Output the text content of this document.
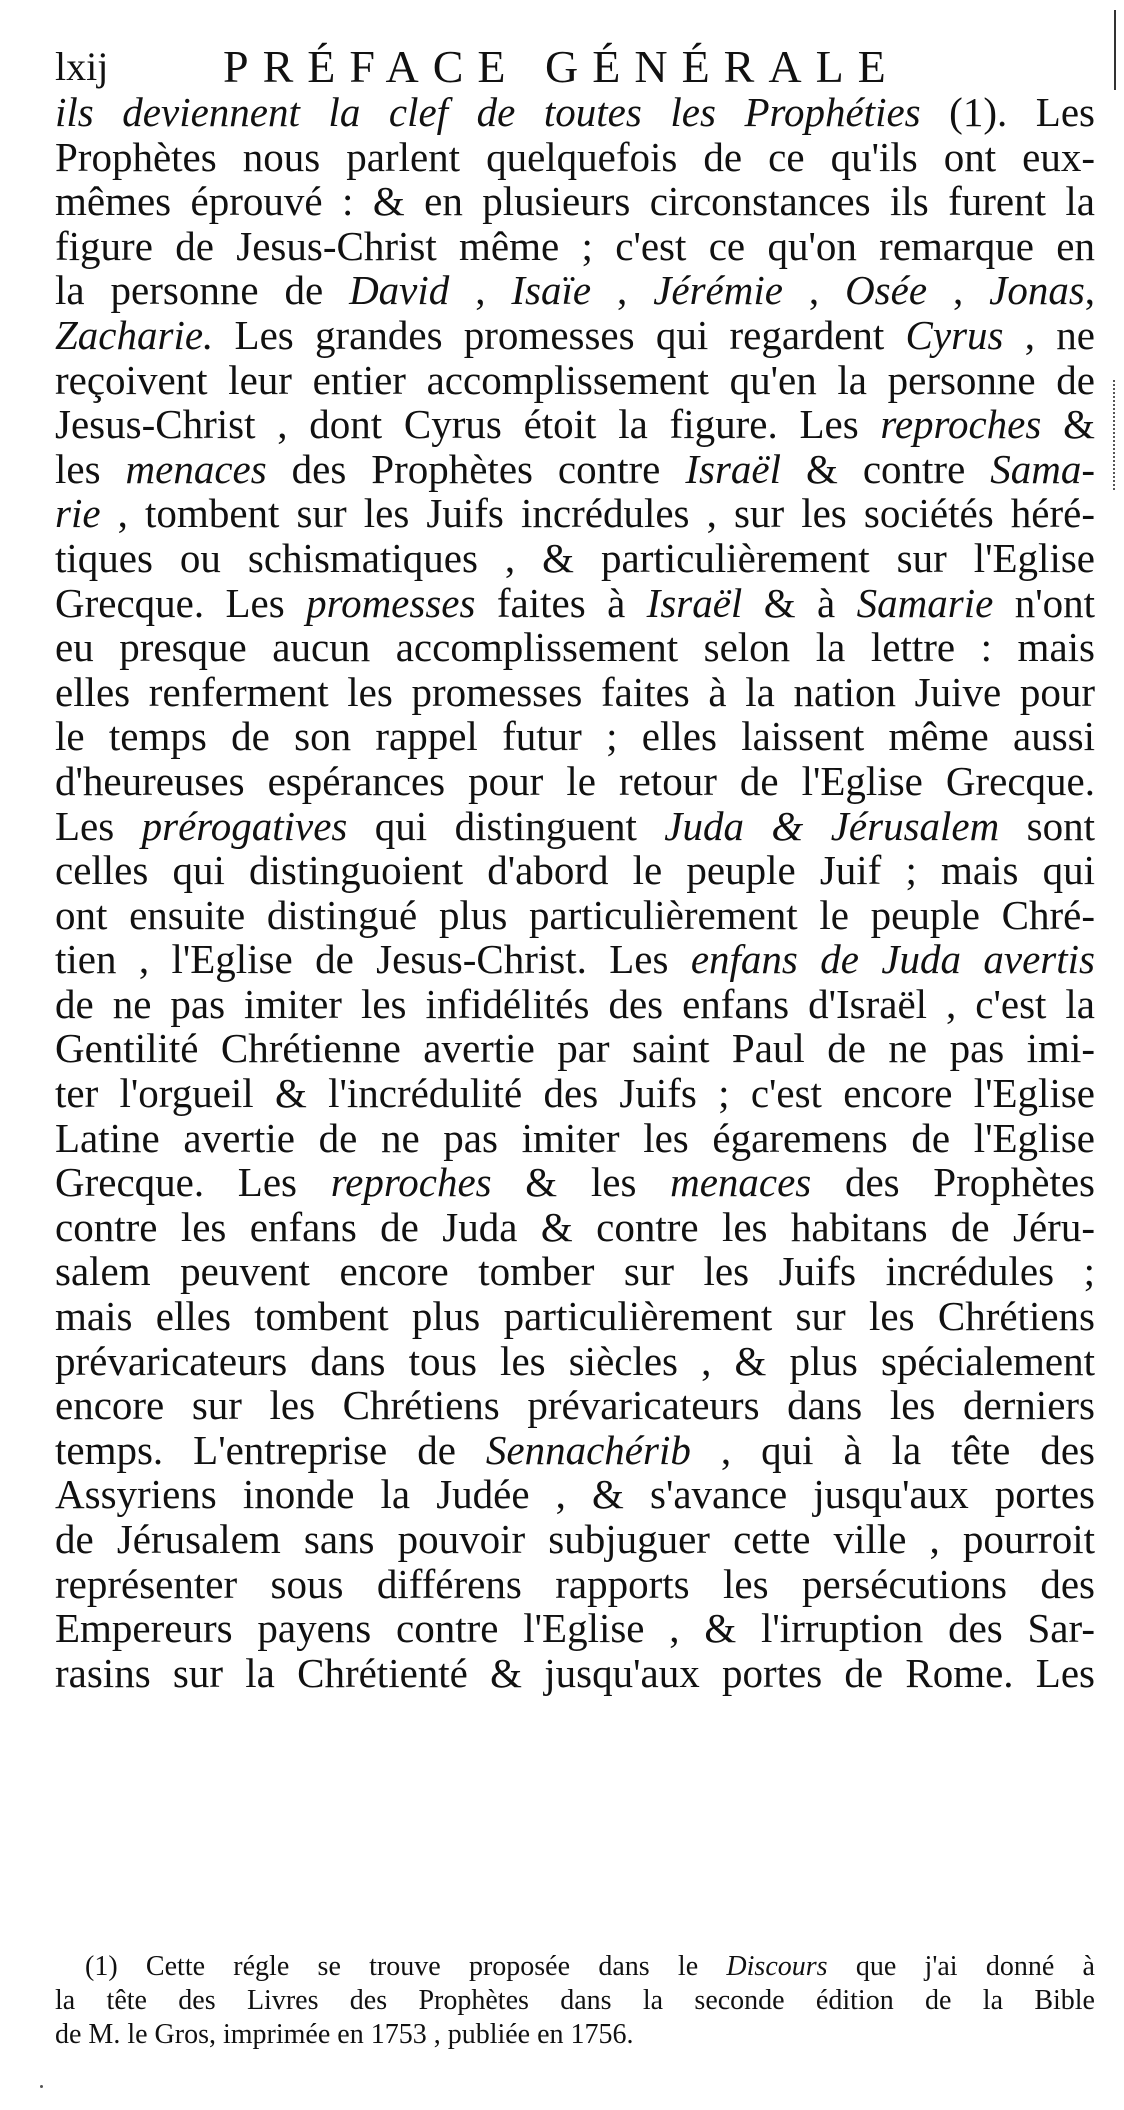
lxij PRÉFACE GÉNÉRALE
ils deviennent la clef de toutes les Prophéties (1). Les
Prophètes nous parlent quelquefois de ce qu'ils ont eux-
mêmes éprouvé : & en plusieurs circonstances ils furent la
figure de Jesus-Christ même ; c'est ce qu'on remarque en
la personne de David , Isaïe , Jérémie , Osée , Jonas,
Zacharie. Les grandes promesses qui regardent Cyrus , ne
reçoivent leur entier accomplissement qu'en la personne de
Jesus-Christ , dont Cyrus étoit la figure. Les reproches &
les menaces des Prophètes contre Israël & contre Sama-
rie , tombent sur les Juifs incrédules , sur les sociétés héré-
tiques ou schismatiques , & particulièrement sur l'Eglise
Grecque. Les promesses faites à Israël & à Samarie n'ont
eu presque aucun accomplissement selon la lettre : mais
elles renferment les promesses faites à la nation Juive pour
le temps de son rappel futur ; elles laissent même aussi
d'heureuses espérances pour le retour de l'Eglise Grecque.
Les prérogatives qui distinguent Juda & Jérusalem sont
celles qui distinguoient d'abord le peuple Juif ; mais qui
ont ensuite distingué plus particulièrement le peuple Chré-
tien , l'Eglise de Jesus-Christ. Les enfans de Juda avertis
de ne pas imiter les infidélités des enfans d'Israël , c'est la
Gentilité Chrétienne avertie par saint Paul de ne pas imi-
ter l'orgueil & l'incrédulité des Juifs ; c'est encore l'Eglise
Latine avertie de ne pas imiter les égaremens de l'Eglise
Grecque. Les reproches & les menaces des Prophètes
contre les enfans de Juda & contre les habitans de Jéru-
salem peuvent encore tomber sur les Juifs incrédules ;
mais elles tombent plus particulièrement sur les Chrétiens
prévaricateurs dans tous les siècles , & plus spécialement
encore sur les Chrétiens prévaricateurs dans les derniers
temps. L'entreprise de Sennachérib , qui à la tête des
Assyriens inonde la Judée , & s'avance jusqu'aux portes
de Jérusalem sans pouvoir subjuguer cette ville , pourroit
représenter sous différens rapports les persécutions des
Empereurs payens contre l'Eglise , & l'irruption des Sar-
rasins sur la Chrétienté & jusqu'aux portes de Rome. Les
(1) Cette régle se trouve proposée dans le Discours que j'ai donné à
la tête des Livres des Prophètes dans la seconde édition de la Bible
de M. le Gros, imprimée en 1753 , publiée en 1756.
